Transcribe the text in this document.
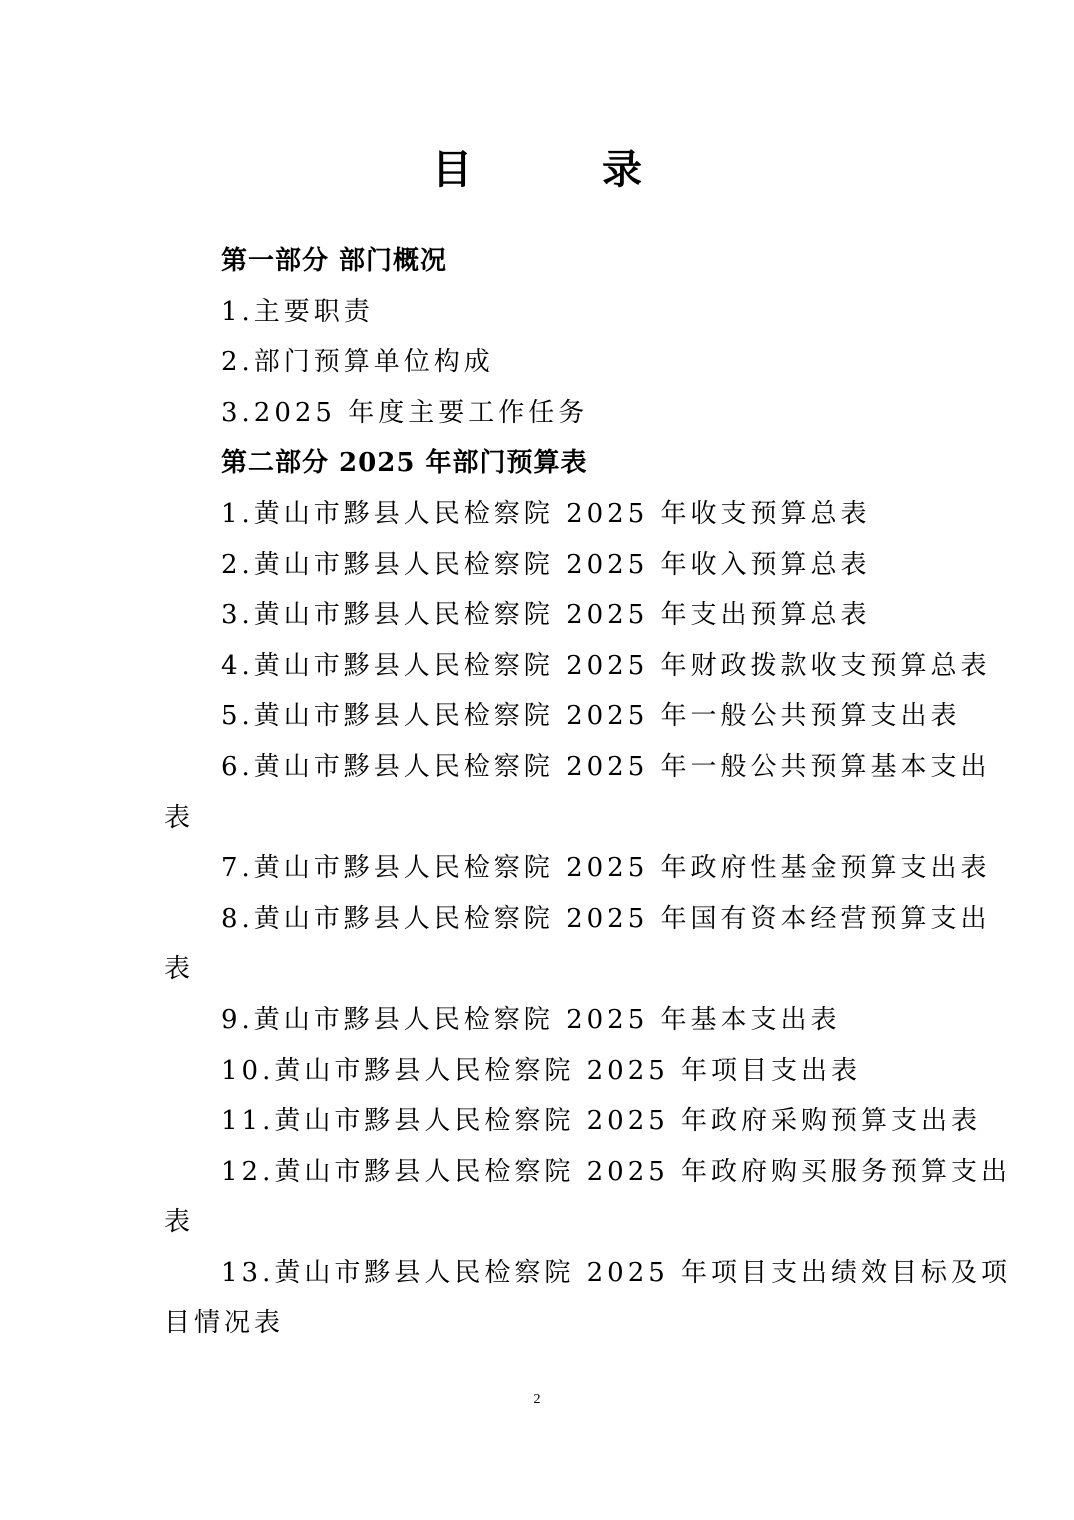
目 录
第一部分 部门概况
1.主要职责
2.部门预算单位构成
3.2025 年度主要工作任务
第二部分 2025 年部门预算表
1.黄山市黟县人民检察院 2025 年收支预算总表
2.黄山市黟县人民检察院 2025 年收入预算总表
3.黄山市黟县人民检察院 2025 年支出预算总表
4.黄山市黟县人民检察院 2025 年财政拨款收支预算总表
5.黄山市黟县人民检察院 2025 年一般公共预算支出表
6.黄山市黟县人民检察院 2025 年一般公共预算基本支出
表
7.黄山市黟县人民检察院 2025 年政府性基金预算支出表
8.黄山市黟县人民检察院 2025 年国有资本经营预算支出
表
9.黄山市黟县人民检察院 2025 年基本支出表
10.黄山市黟县人民检察院 2025 年项目支出表
11.黄山市黟县人民检察院 2025 年政府采购预算支出表
12.黄山市黟县人民检察院 2025 年政府购买服务预算支出
表
13.黄山市黟县人民检察院 2025 年项目支出绩效目标及项
目情况表
2
